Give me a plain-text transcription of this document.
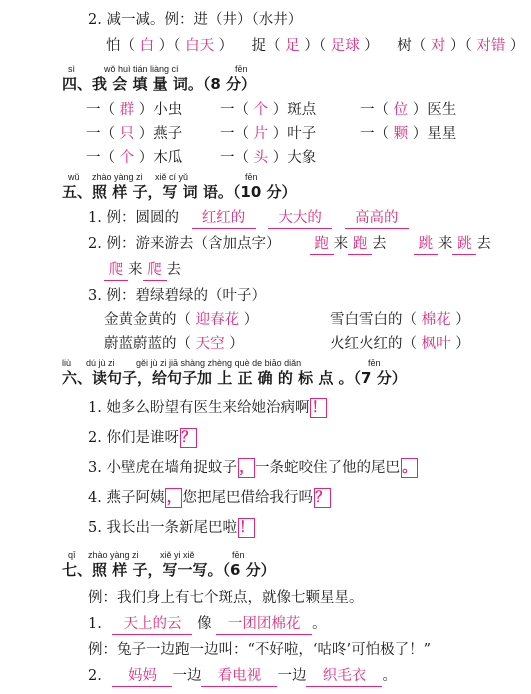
2. 减一减。例：进（井）（水井）
怕（ 白 ）（ 白天 ）    捉（ 足 ）（ 足球 ）    树（ 对 ）（ 对错 ）
sì	wǒ huì tián liàng cí	fēn
四、我 会 填 量 词。（8 分）
一（ 群 ）小虫	一（ 个 ）斑点	一（ 位 ）医生
一（ 只 ）燕子	一（ 片 ）叶子	一（ 颗 ）星星
一（ 个 ）木瓜	一（ 头 ）大象
wǔ zhào yàng zi xiě cí yǔ	fēn
五、照 样 子，写 词 语。（10 分）
1. 例：圆圆的 红红的 大大的 高高的
2. 例：游来游去（含加点字） 跑 来 跑 去 跳 来 跳 去
爬 来 爬 去
3. 例：碧绿碧绿的（叶子）
金黄金黄的（ 迎春花 ）	雪白雪白的（ 棉花 ）
蔚蓝蔚蓝的（ 天空 ）	火红火红的（ 枫叶 ）
liù dú jù zi gěi jù zi jiā shàng zhèng què de biāo diǎn	fēn
六、读句子，给句子加 上 正 确 的 标 点 。（7 分）
1. 她多么盼望有医生来给她治病啊 ！
2. 你们是谁呀 ？
3. 小壁虎在墙角捉蚊子 ，一条蛇咬住了他的尾巴 。
4. 燕子阿姨 ，您把尾巴借给我行吗 ？
5. 我长出一条新尾巴啦 ！
qī zhào yàng zi xiě yi xiě	fēn
七、照 样 子，写一写。（6 分）
例：我们身上有七个斑点，就像七颗星星。
1. 天上的云 像 一团团棉花 。
例：兔子一边跑一边叫：“不好啦，‘咕咚’可怕极了！”
2. 妈妈 一边 看电视 一边 织毛衣 。
